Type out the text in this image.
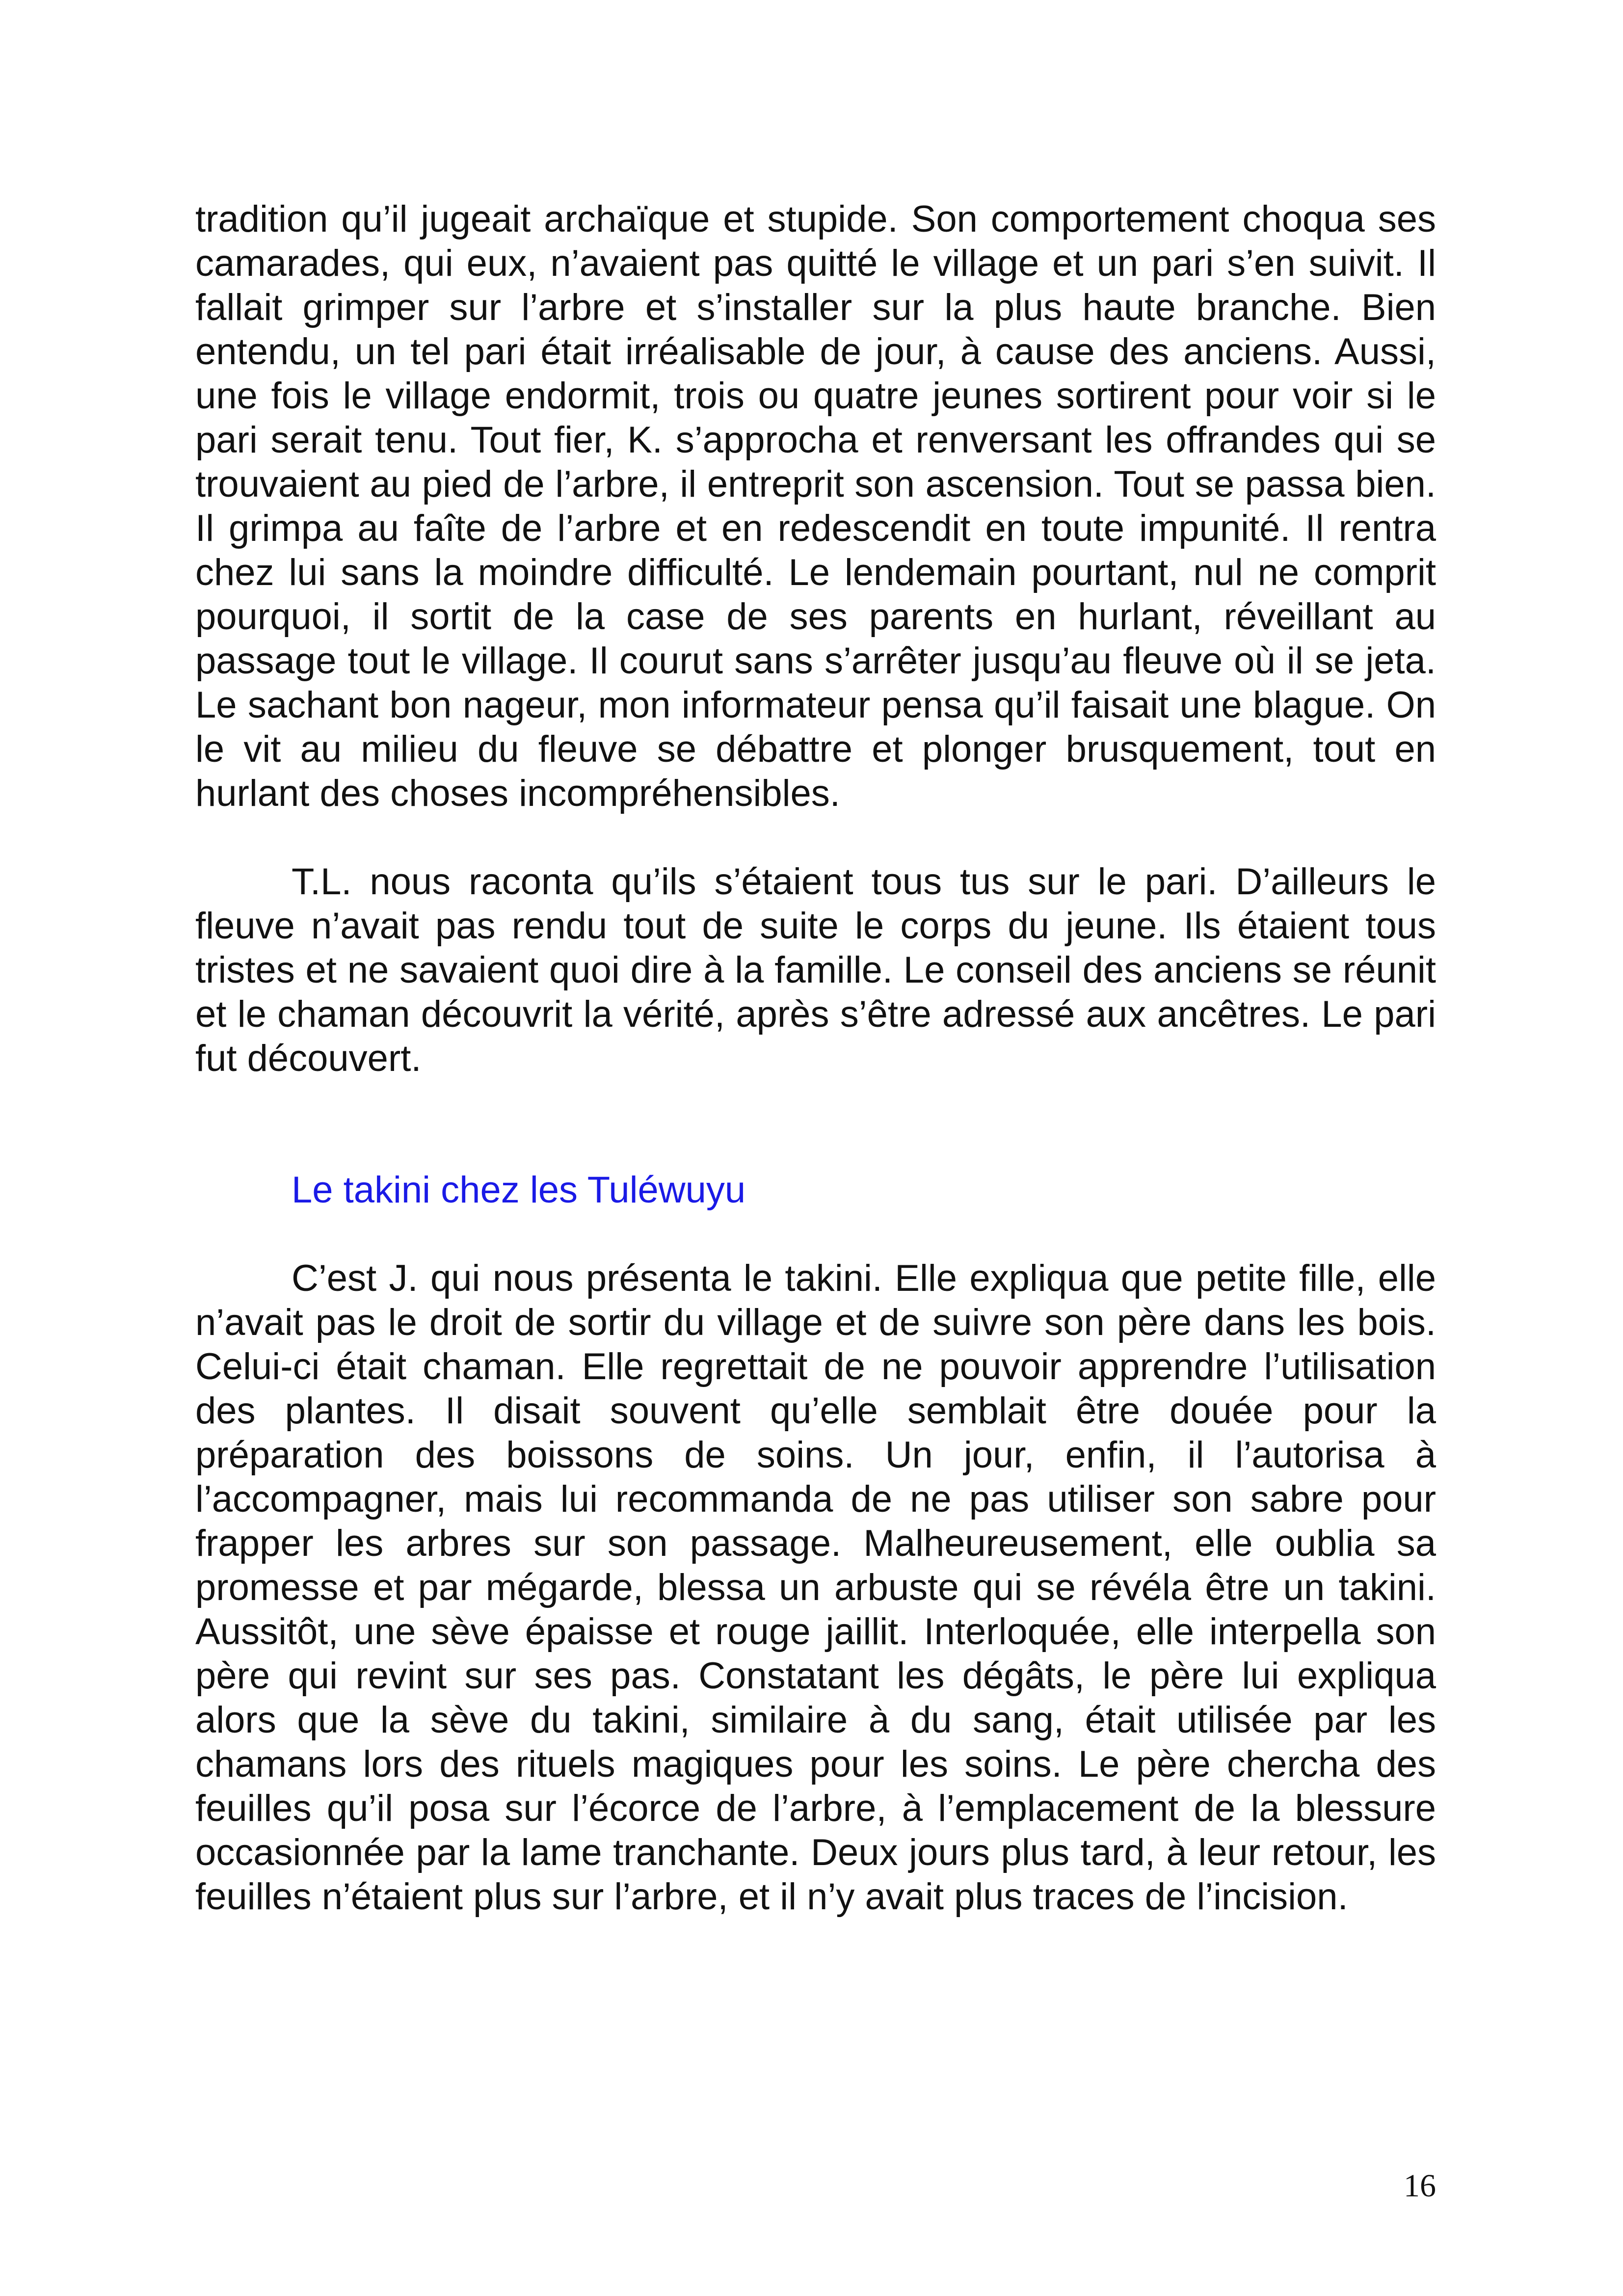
tradition qu’il jugeait archaïque et stupide. Son comportement choqua ses camarades, qui eux, n’avaient pas quitté le village et un pari s’en suivit. Il fallait grimper sur l’arbre et s’installer sur la plus haute branche. Bien entendu, un tel pari était irréalisable de jour, à cause des anciens. Aussi, une fois le village endormit, trois ou quatre jeunes sortirent pour voir si le pari serait tenu. Tout fier, K. s’approcha et renversant les offrandes qui se trouvaient au pied de l’arbre, il entreprit son ascension. Tout se passa bien. Il grimpa au faîte de l’arbre et en redescendit en toute impunité. Il rentra chez lui sans la moindre difficulté. Le lendemain pourtant, nul ne comprit pourquoi, il sortit de la case de ses parents en hurlant, réveillant au passage tout le village. Il courut sans s’arrêter jusqu’au fleuve où il se jeta. Le sachant bon nageur, mon informateur pensa qu’il faisait une blague. On le vit au milieu du fleuve se débattre et plonger brusquement, tout en hurlant des choses incompréhensibles.

T.L. nous raconta qu’ils s’étaient tous tus sur le pari. D’ailleurs le fleuve n’avait pas rendu tout de suite le corps du jeune. Ils étaient tous tristes et ne savaient quoi dire à la famille. Le conseil des anciens se réunit et le chaman découvrit la vérité, après s’être adressé aux ancêtres. Le pari fut découvert.

Le takini chez les Tuléwuyu

C’est J. qui nous présenta le takini. Elle expliqua que petite fille, elle n’avait pas le droit de sortir du village et de suivre son père dans les bois. Celui-ci était chaman. Elle regrettait de ne pouvoir apprendre l’utilisation des plantes. Il disait souvent qu’elle semblait être douée pour la préparation des boissons de soins. Un jour, enfin, il l’autorisa à l’accompagner, mais lui recommanda de ne pas utiliser son sabre pour frapper les arbres sur son passage. Malheureusement, elle oublia sa promesse et par mégarde, blessa un arbuste qui se révéla être un takini. Aussitôt, une sève épaisse et rouge jaillit. Interloquée, elle interpella son père qui revint sur ses pas. Constatant les dégâts, le père lui expliqua alors que la sève du takini, similaire à du sang, était utilisée par les chamans lors des rituels magiques pour les soins. Le père chercha des feuilles qu’il posa sur l’écorce de l’arbre, à l’emplacement de la blessure occasionnée par la lame tranchante. Deux jours plus tard, à leur retour, les feuilles n’étaient plus sur l’arbre, et il n’y avait plus traces de l’incision.

16
